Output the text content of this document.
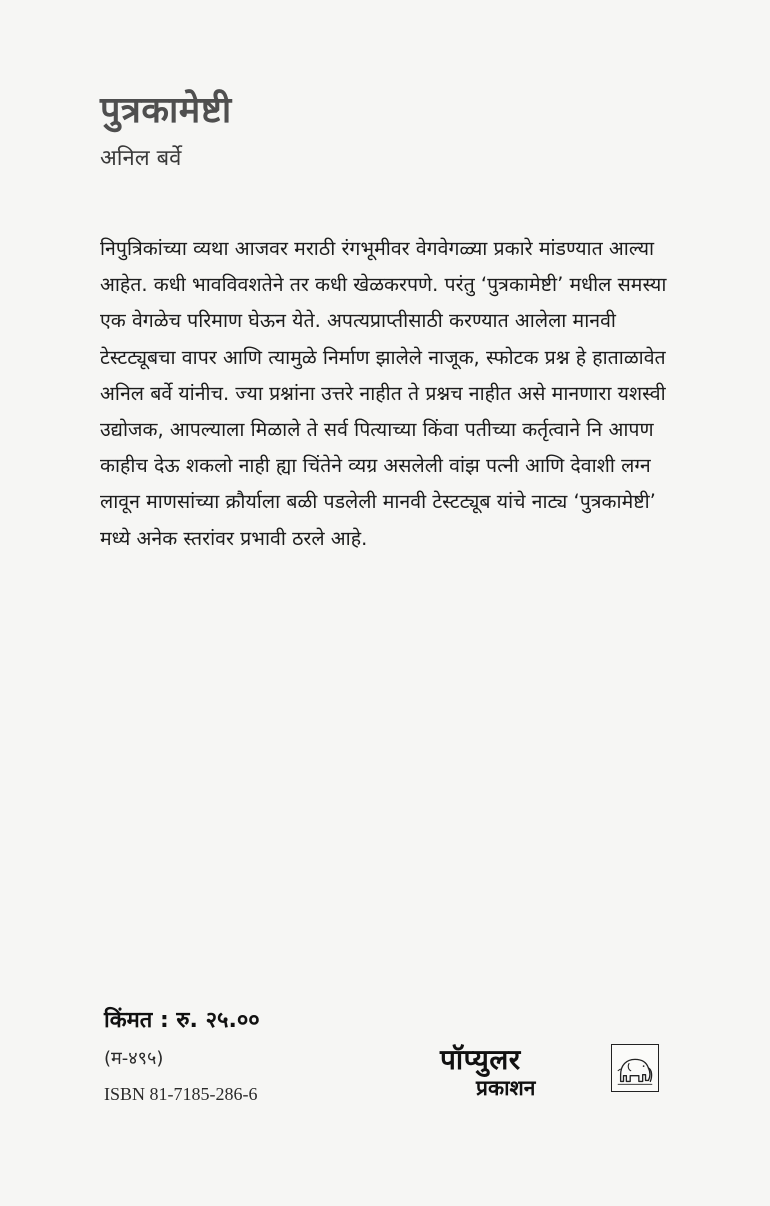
पुत्रकामेष्टी
अनिल बर्वे

निपुत्रिकांच्या व्यथा आजवर मराठी रंगभूमीवर वेगवेगळ्या प्रकारे मांडण्यात आल्या आहेत. कधी भावविवशतेने तर कधी खेळकरपणे. परंतु ‘पुत्रकामेष्टी’ मधील समस्या एक वेगळेच परिमाण घेऊन येते. अपत्यप्राप्तीसाठी करण्यात आलेला मानवी टेस्टट्यूबचा वापर आणि त्यामुळे निर्माण झालेले नाजूक, स्फोटक प्रश्न हे हाताळावेत अनिल बर्वे यांनीच. ज्या प्रश्नांना उत्तरे नाहीत ते प्रश्नच नाहीत असे मानणारा यशस्वी उद्योजक, आपल्याला मिळाले ते सर्व पित्याच्या किंवा पतीच्या कर्तृत्वाने नि आपण काहीच देऊ शकलो नाही ह्या चिंतेने व्यग्र असलेली वांझ पत्नी आणि देवाशी लग्न लावून माणसांच्या क्रौर्याला बळी पडलेली मानवी टेस्टट्यूब यांचे नाट्य ‘पुत्रकामेष्टी’ मध्ये अनेक स्तरांवर प्रभावी ठरले आहे.

किंमत : रु. २५.००
(म-४९५)
ISBN 81-7185-286-6
पॉप्युलर
प्रकाशन
